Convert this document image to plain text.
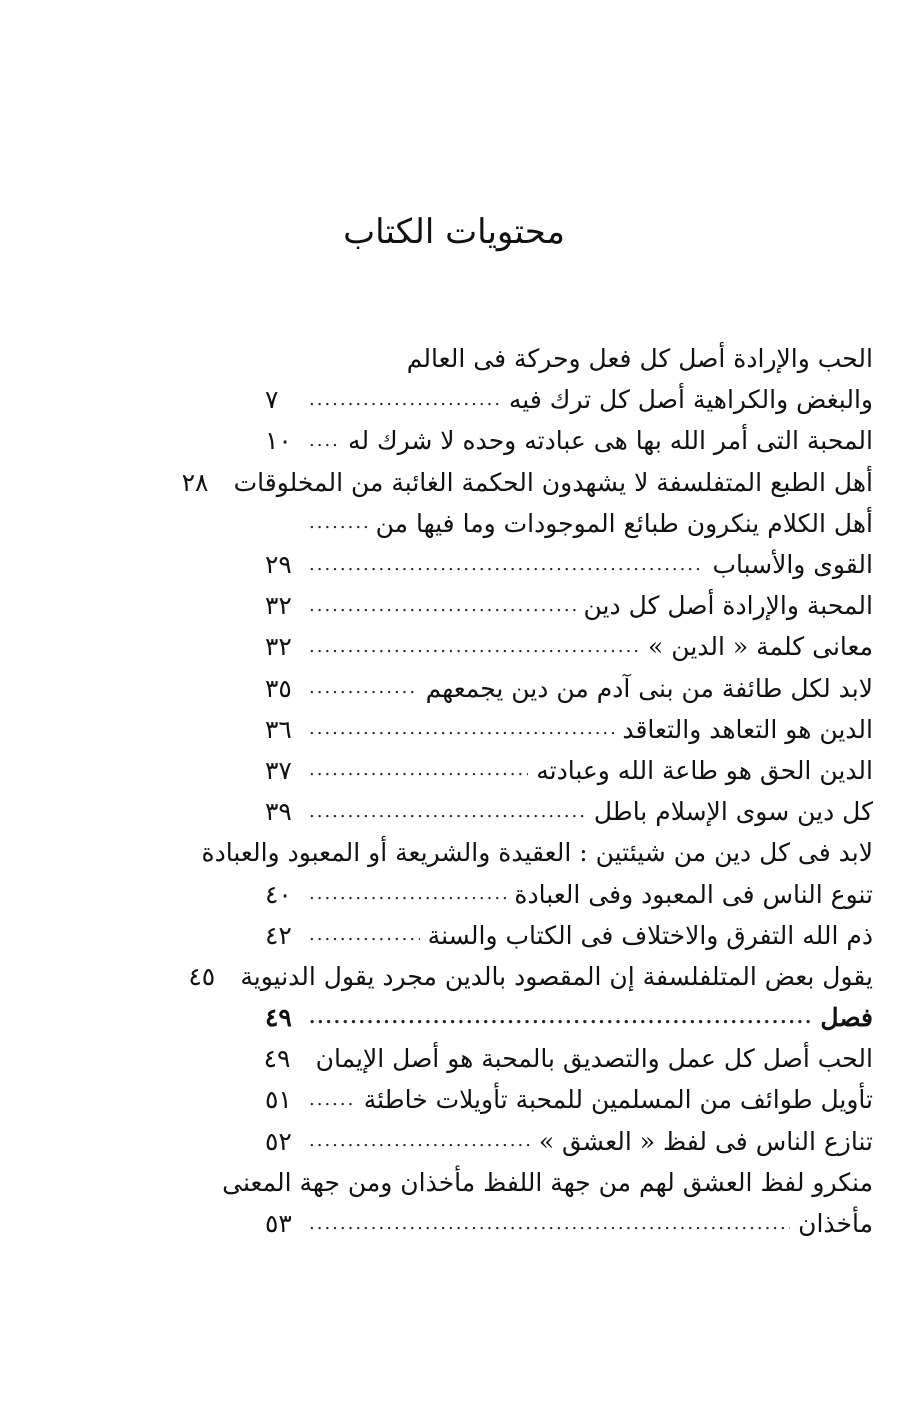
محتويات الكتاب
الحب والإرادة أصل كل فعل وحركة فى العالم
والبغض والكراهية أصل كل ترك فيه
.....
٧
المحبة التى أمر الله بها هى عبادته وحده لا شرك له
.....
١٠
أهل الطبع المتفلسفة لا يشهدون الحكمة الغائبة من المخلوقات
٢٨
أهل الكلام ينكرون طبائع الموجودات وما فيها من
.....
القوى والأسباب
.....
٢٩
المحبة والإرادة أصل كل دين
.....
٣٢
معانى كلمة « الدين »
.....
٣٢
لابد لكل طائفة من بنى آدم من دين يجمعهم
.....
٣٥
الدين هو التعاهد والتعاقد
.....
٣٦
الدين الحق هو طاعة الله وعبادته
.....
٣٧
كل دين سوى الإسلام باطل
.....
٣٩
لابد فى كل دين من شيئتين : العقيدة والشريعة أو المعبود والعبادة
تنوع الناس فى المعبود وفى العبادة
.....
٤٠
ذم الله التفرق والاختلاف فى الكتاب والسنة
.....
٤٢
يقول بعض المتلفلسفة إن المقصود بالدين مجرد يقول الدنيوية
٤٥
فصل
.....
٤٩
الحب أصل كل عمل والتصديق بالمحبة هو أصل الإيمان
٤٩
تأويل طوائف من المسلمين للمحبة تأويلات خاطئة
.....
٥١
تنازع الناس فى لفظ « العشق »
.....
٥٢
منكرو لفظ العشق لهم من جهة اللفظ مأخذان ومن جهة المعنى
مأخذان
.....
٥٣
